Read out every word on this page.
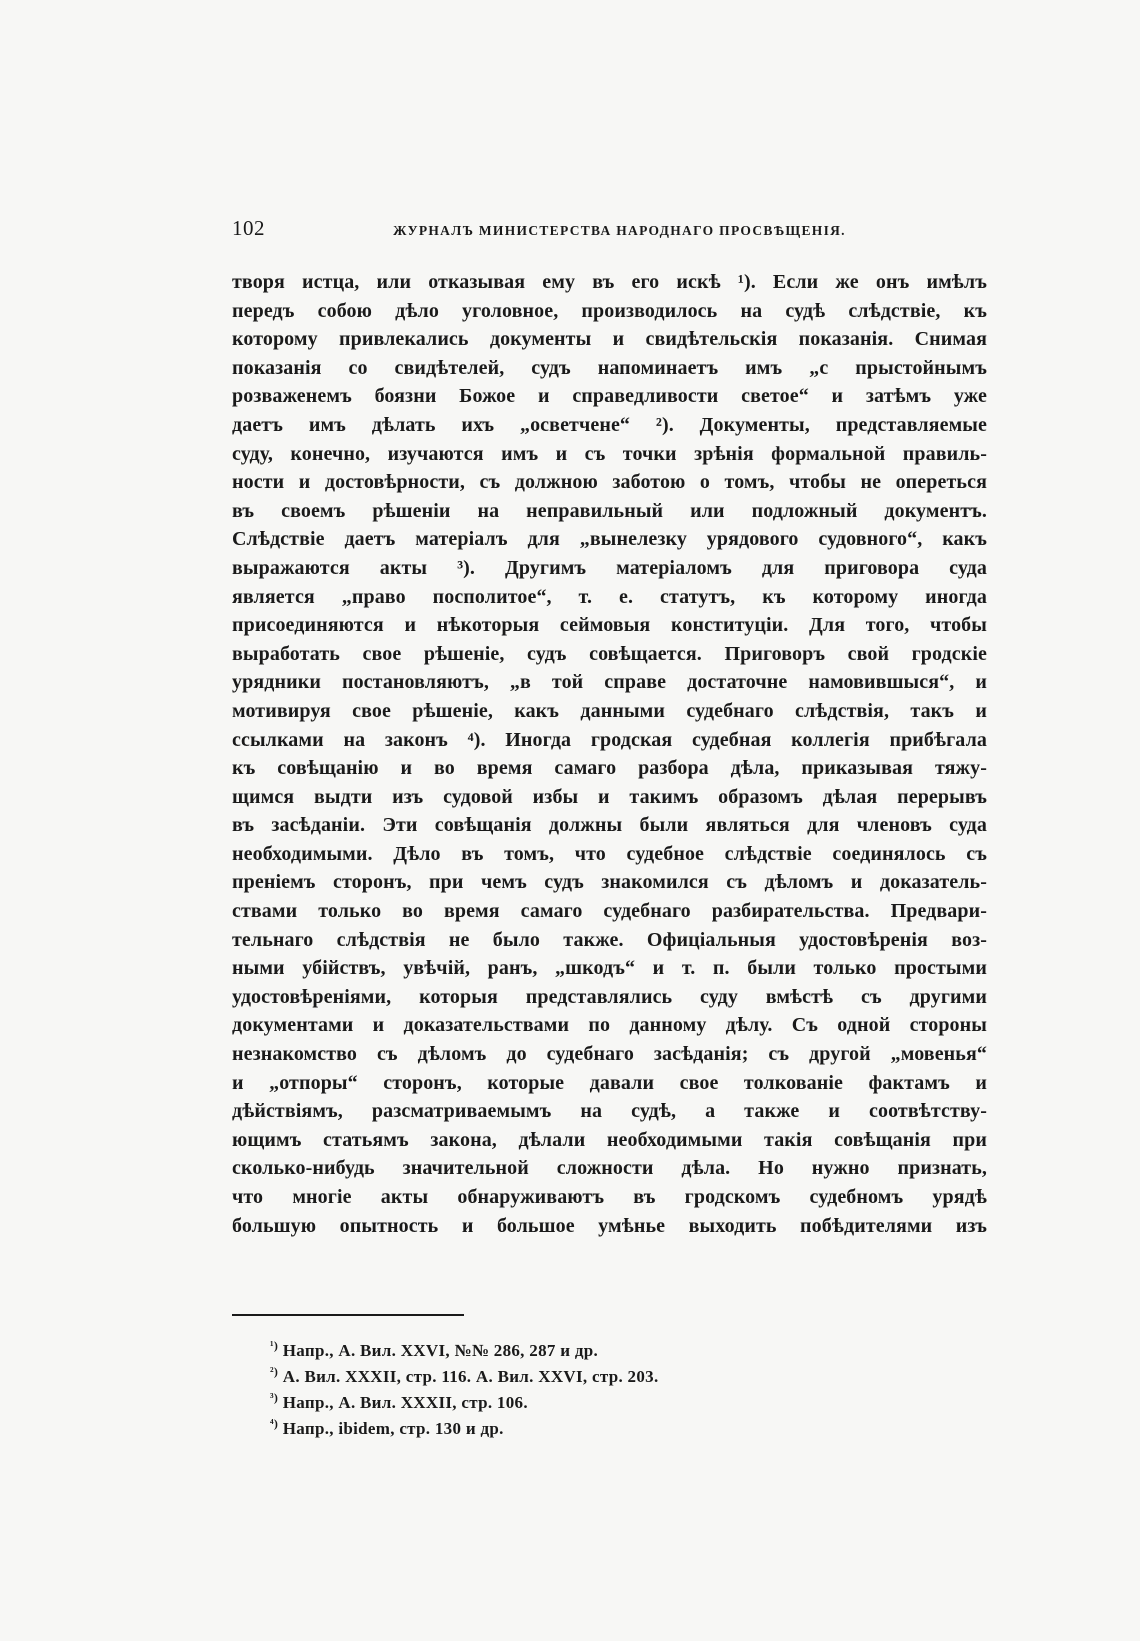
102	ЖУРНАЛЪ МИНИСТЕРСТВА НАРОДНАГО ПРОСВѢЩЕНІЯ.
творя истца, или отказывая ему въ его искѣ ¹). Если же онъ имѣлъ
передъ собою дѣло уголовное, производилось на судѣ слѣдствіе, къ
которому привлекались документы и свидѣтельскія показанія. Снимая
показанія со свидѣтелей, судъ напоминаетъ имъ „с прыстойнымъ
розваженемъ боязни Божое и справедливости светое“ и затѣмъ уже
даетъ имъ дѣлать ихъ „осветчене“ ²). Документы, представляемые
суду, конечно, изучаются имъ и съ точки зрѣнія формальной правиль-
ности и достовѣрности, съ должною заботою о томъ, чтобы не опереться
въ своемъ рѣшеніи на неправильный или подложный документъ.
Слѣдствіе даетъ матеріалъ для „вынелезку урядового судовного“, какъ
выражаются акты ³). Другимъ матеріаломъ для приговора суда
является „право посполитое“, т. е. статутъ, къ которому иногда
присоединяются и нѣкоторыя сеймовыя конституціи. Для того, чтобы
выработать свое рѣшеніе, судъ совѣщается. Приговоръ свой гродскіе
урядники постановляютъ, „в той справе достаточне намовившыся“, и
мотивируя свое рѣшеніе, какъ данными судебнаго слѣдствія, такъ и
ссылками на законъ ⁴). Иногда гродская судебная коллегія прибѣгала
къ совѣщанію и во время самаго разбора дѣла, приказывая тяжу-
щимся выдти изъ судовой избы и такимъ образомъ дѣлая перерывъ
въ засѣданіи. Эти совѣщанія должны были являться для членовъ суда
необходимыми. Дѣло въ томъ, что судебное слѣдствіе соединялось съ
преніемъ сторонъ, при чемъ судъ знакомился съ дѣломъ и доказатель-
ствами только во время самаго судебнаго разбирательства. Предвари-
тельнаго слѣдствія не было также. Офиціальныя удостовѣренія воз-
ными убійствъ, увѣчій, ранъ, „шкодъ“ и т. п. были только простыми
удостовѣреніями, которыя представлялись суду вмѣстѣ съ другими
документами и доказательствами по данному дѣлу. Съ одной стороны
незнакомство съ дѣломъ до судебнаго засѣданія; съ другой „мовенья“
и „отпоры“ сторонъ, которые давали свое толкованіе фактамъ и
дѣйствіямъ, разсматриваемымъ на судѣ, а также и соотвѣтству-
ющимъ статьямъ закона, дѣлали необходимыми такія совѣщанія при
сколько-нибудь значительной сложности дѣла. Но нужно признать,
что многіе акты обнаруживаютъ въ гродскомъ судебномъ урядѣ
большую опытность и большое умѣнье выходить побѣдителями изъ
$^{^1)}$ Напр., А. Вил. XXVI, №№ 286, 287 и др.
$^{^2)}$ А. Вил. XXXII, стр. 116. А. Вил. XXVI, стр. 203.
$^{^3)}$ Напр., А. Вил. XXXII, стр. 106.
$^{^4)}$ Напр., ibidem, стр. 130 и др.
